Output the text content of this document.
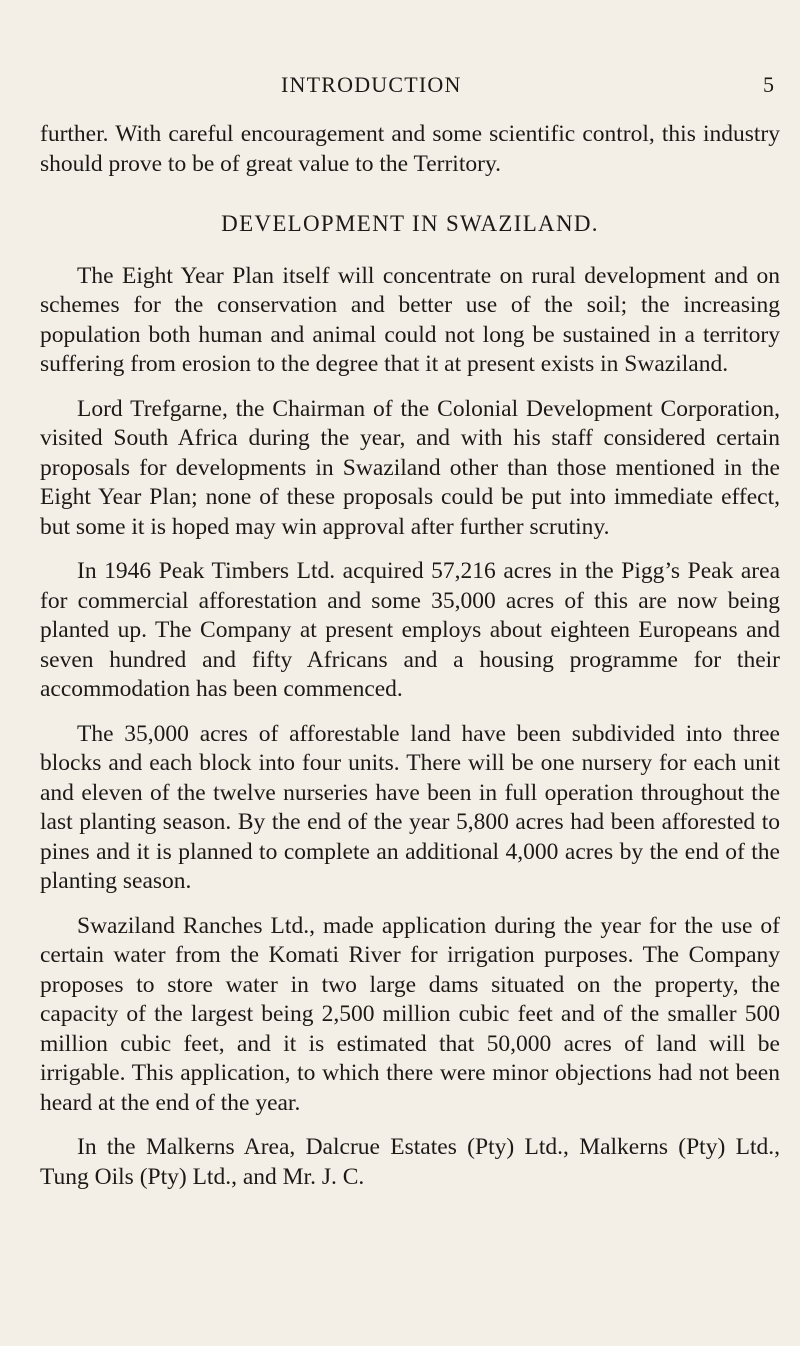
INTRODUCTION	5

further. With careful encouragement and some scientific control, this industry should prove to be of great value to the Territory.

DEVELOPMENT IN SWAZILAND.

The Eight Year Plan itself will concentrate on rural development and on schemes for the conservation and better use of the soil; the increasing population both human and animal could not long be sustained in a territory suffering from erosion to the degree that it at present exists in Swaziland.

Lord Trefgarne, the Chairman of the Colonial Development Corporation, visited South Africa during the year, and with his staff considered certain proposals for developments in Swaziland other than those mentioned in the Eight Year Plan; none of these proposals could be put into immediate effect, but some it is hoped may win approval after further scrutiny.

In 1946 Peak Timbers Ltd. acquired 57,216 acres in the Pigg’s Peak area for commercial afforestation and some 35,000 acres of this are now being planted up. The Company at present employs about eighteen Europeans and seven hundred and fifty Africans and a housing programme for their accommodation has been commenced.

The 35,000 acres of afforestable land have been subdivided into three blocks and each block into four units. There will be one nursery for each unit and eleven of the twelve nurseries have been in full operation throughout the last planting season. By the end of the year 5,800 acres had been afforested to pines and it is planned to complete an additional 4,000 acres by the end of the planting season.

Swaziland Ranches Ltd., made application during the year for the use of certain water from the Komati River for irrigation purposes. The Company proposes to store water in two large dams situated on the property, the capacity of the largest being 2,500 million cubic feet and of the smaller 500 million cubic feet, and it is estimated that 50,000 acres of land will be irrigable. This application, to which there were minor objections had not been heard at the end of the year.

In the Malkerns Area, Dalcrue Estates (Pty) Ltd., Malkerns (Pty) Ltd., Tung Oils (Pty) Ltd., and Mr. J. C.
